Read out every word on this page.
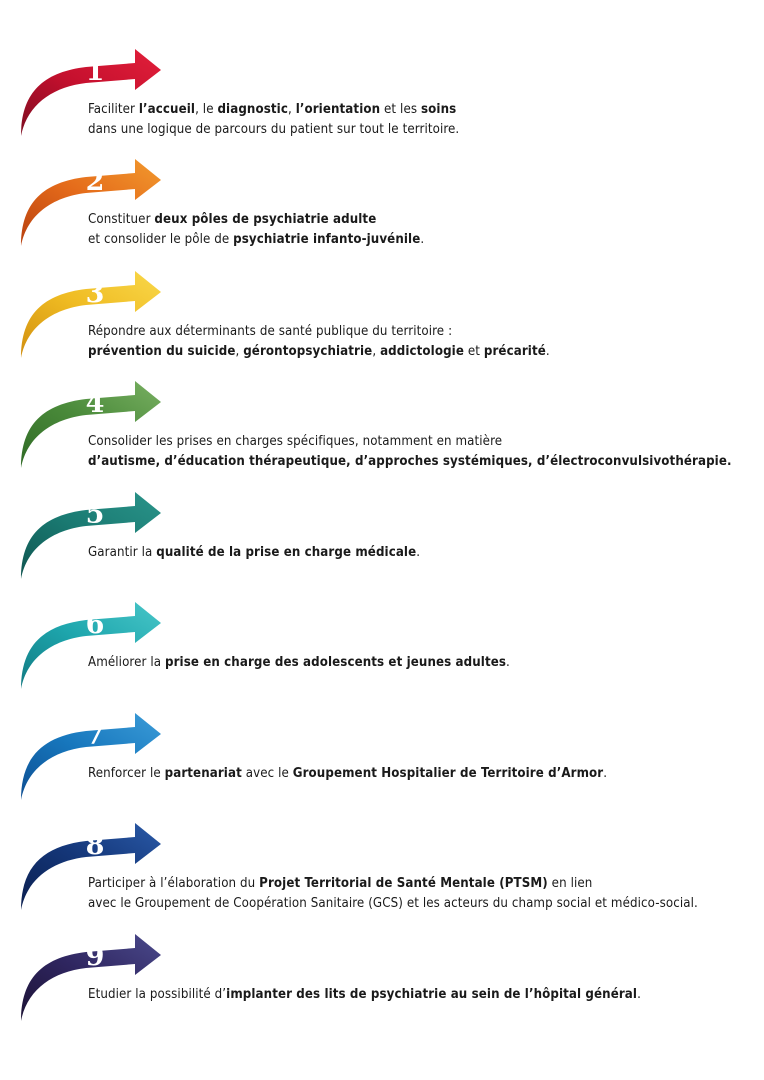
1
Faciliter l’accueil, le diagnostic, l’orientation et les soins
dans une logique de parcours du patient sur tout le territoire.
2
Constituer deux pôles de psychiatrie adulte
et consolider le pôle de psychiatrie infanto-juvénile.
3
Répondre aux déterminants de santé publique du territoire :
prévention du suicide, gérontopsychiatrie, addictologie et précarité.
4
Consolider les prises en charges spécifiques, notamment en matière
d’autisme, d’éducation thérapeutique, d’approches systémiques, d’électroconvulsivothérapie.
5
Garantir la qualité de la prise en charge médicale.
6
Améliorer la prise en charge des adolescents et jeunes adultes.
7
Renforcer le partenariat avec le Groupement Hospitalier de Territoire d’Armor.
8
Participer à l’élaboration du Projet Territorial de Santé Mentale (PTSM) en lien
avec le Groupement de Coopération Sanitaire (GCS) et les acteurs du champ social et médico-social.
9
Etudier la possibilité d’implanter des lits de psychiatrie au sein de l’hôpital général.
